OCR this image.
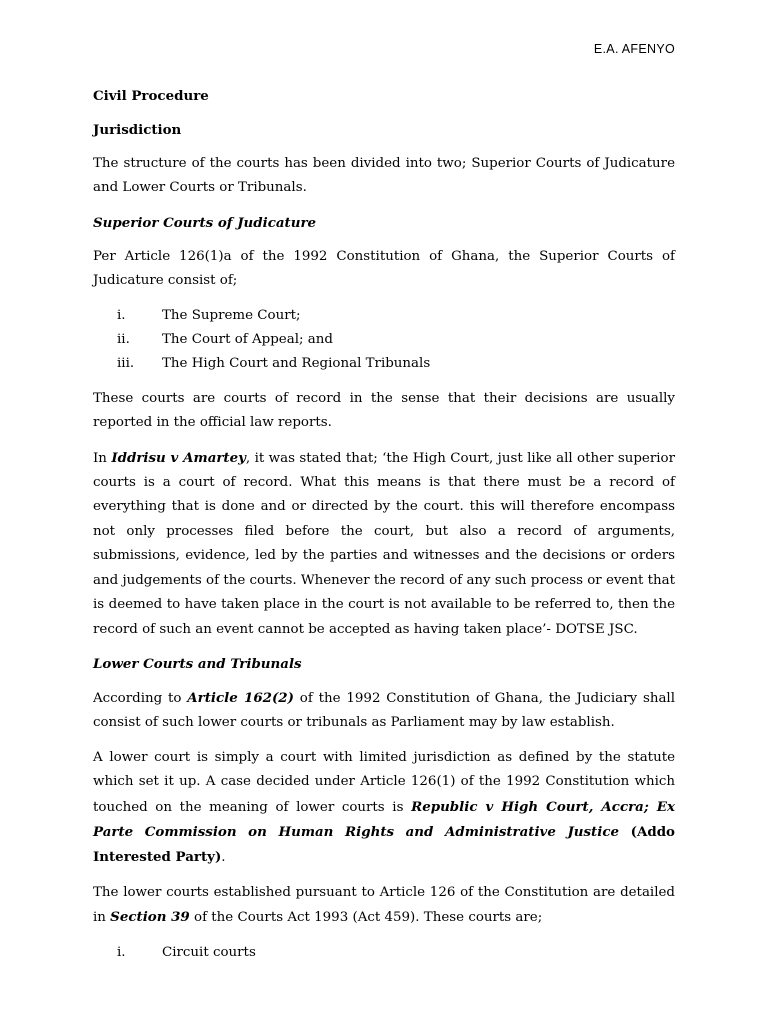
E.A. AFENYO
Civil Procedure
Jurisdiction

The structure of the courts has been divided into two; Superior Courts of Judicature and Lower Courts or Tribunals.

Superior Courts of Judicature

Per Article 126(1)a of the 1992 Constitution of Ghana, the Superior Courts of Judicature consist of;

i.	The Supreme Court;
ii.	The Court of Appeal; and
iii.	The High Court and Regional Tribunals

These courts are courts of record in the sense that their decisions are usually reported in the official law reports.

In Iddrisu v Amartey, it was stated that; ‘the High Court, just like all other superior courts is a court of record. What this means is that there must be a record of everything that is done and or directed by the court. this will therefore encompass not only processes filed before the court, but also a record of arguments, submissions, evidence, led by the parties and witnesses and the decisions or orders and judgements of the courts. Whenever the record of any such process or event that is deemed to have taken place in the court is not available to be referred to, then the record of such an event cannot be accepted as having taken place’- DOTSE JSC.

Lower Courts and Tribunals

According to Article 162(2) of the 1992 Constitution of Ghana, the Judiciary shall consist of such lower courts or tribunals as Parliament may by law establish.

A lower court is simply a court with limited jurisdiction as defined by the statute which set it up. A case decided under Article 126(1) of the 1992 Constitution which touched on the meaning of lower courts is Republic v High Court, Accra; Ex Parte Commission on Human Rights and Administrative Justice (Addo Interested Party).

The lower courts established pursuant to Article 126 of the Constitution are detailed in Section 39 of the Courts Act 1993 (Act 459). These courts are;

i.	Circuit courts
